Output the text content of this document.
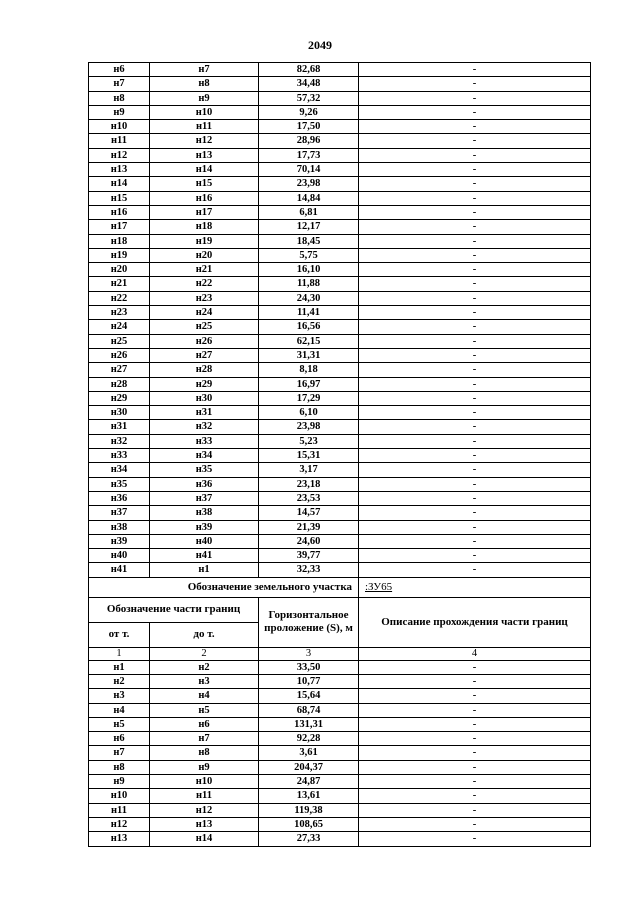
2049
н6	н7	82,68	-
н7	н8	34,48	-
н8	н9	57,32	-
н9	н10	9,26	-
н10	н11	17,50	-
н11	н12	28,96	-
н12	н13	17,73	-
н13	н14	70,14	-
н14	н15	23,98	-
н15	н16	14,84	-
н16	н17	6,81	-
н17	н18	12,17	-
н18	н19	18,45	-
н19	н20	5,75	-
н20	н21	16,10	-
н21	н22	11,88	-
н22	н23	24,30	-
н23	н24	11,41	-
н24	н25	16,56	-
н25	н26	62,15	-
н26	н27	31,31	-
н27	н28	8,18	-
н28	н29	16,97	-
н29	н30	17,29	-
н30	н31	6,10	-
н31	н32	23,98	-
н32	н33	5,23	-
н33	н34	15,31	-
н34	н35	3,17	-
н35	н36	23,18	-
н36	н37	23,53	-
н37	н38	14,57	-
н38	н39	21,39	-
н39	н40	24,60	-
н40	н41	39,77	-
н41	н1	32,33	-
Обозначение земельного участка			:ЗУ65
Обозначение части границ		Горизонтальное проложение (S), м	Описание прохождения части границ
от т.	до т.		
1	2	3	4
н1	н2	33,50	-
н2	н3	10,77	-
н3	н4	15,64	-
н4	н5	68,74	-
н5	н6	131,31	-
н6	н7	92,28	-
н7	н8	3,61	-
н8	н9	204,37	-
н9	н10	24,87	-
н10	н11	13,61	-
н11	н12	119,38	-
н12	н13	108,65	-
н13	н14	27,33	-
